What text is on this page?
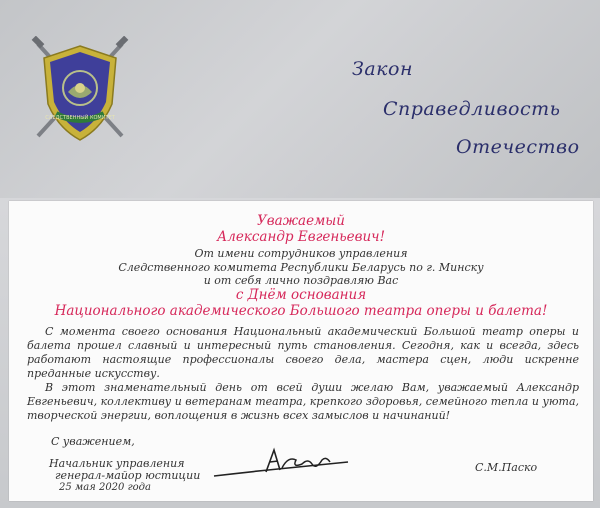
СЛЕДСТВЕННЫЙ КОМИТЕТ
Закон
Справедливость
Отечество
Уважаемый
Александр Евгеньевич!
От имени сотрудников управления
Следственного комитета Республики Беларусь по г. Минску
и от себя лично поздравляю Вас
с Днём основания
Национального академического Большого театра оперы и балета!

С момента своего основания Национальный академический Большой театр оперы и балета прошел славный и интересный путь становления. Сегодня, как и всегда, здесь работают настоящие профессионалы своего дела, мастера сцен, люди искренне преданные искусству.

В этот знаменательный день от всей души желаю Вам, уважаемый Александр Евгеньевич, коллективу и ветеранам театра, крепкого здоровья, семейного тепла и уюта, творческой энергии, воплощения в жизнь всех замыслов и начинаний!

С уважением,
Начальник управления
генерал-майор юстиции
25 мая 2020 года
С.М.Паско
